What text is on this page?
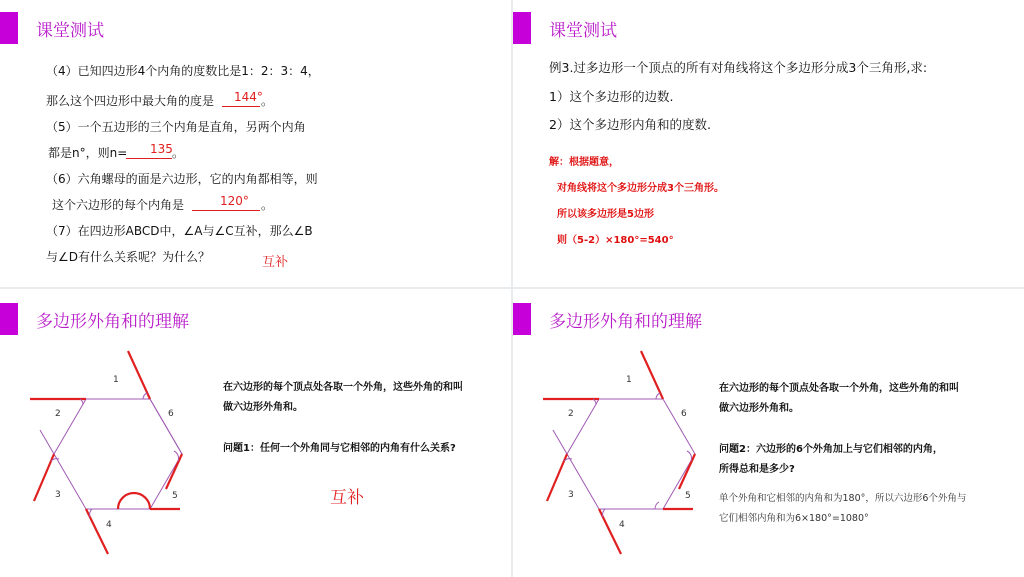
课堂测试
（4）已知四边形4个内角的度数比是1：2：3：4，
那么这个四边形中最大角的度是 144°
。
（5）一个五边形的三个内角是直角，另两个内角
都是n°，则n= 135 。
（6）六角螺母的面是六边形，它的内角都相等，则
这个六边形的每个内角是	120° 。
（7）在四边形ABCD中，∠A与∠C互补，那么∠B
与∠D有什么关系呢？为什么？	互补
课堂测试
例3.过多边形一个顶点的所有对角线将这个多边形分成3个三角形,求:
1）这个多边形的边数.
2）这个多边形内角和的度数.
解：根据题意，
对角线将这个多边形分成3个三角形。
所以该多边形是5边形
则（5-2）×180°=540°
多边形外角和的理解
1
2
3
4
5
6
在六边形的每个顶点处各取一个外角，这些外角的和叫
做六边形外角和。
问题1：任何一个外角同与它相邻的内角有什么关系?
互补
多边形外角和的理解
1
2
3
4
5
6
在六边形的每个顶点处各取一个外角，这些外角的和叫
做六边形外角和。
问题2：六边形的6个外角加上与它们相邻的内角，
所得总和是多少?
单个外角和它相邻的内角和为180°，所以六边形6个外角与
它们相邻内角和为6×180°=1080°
